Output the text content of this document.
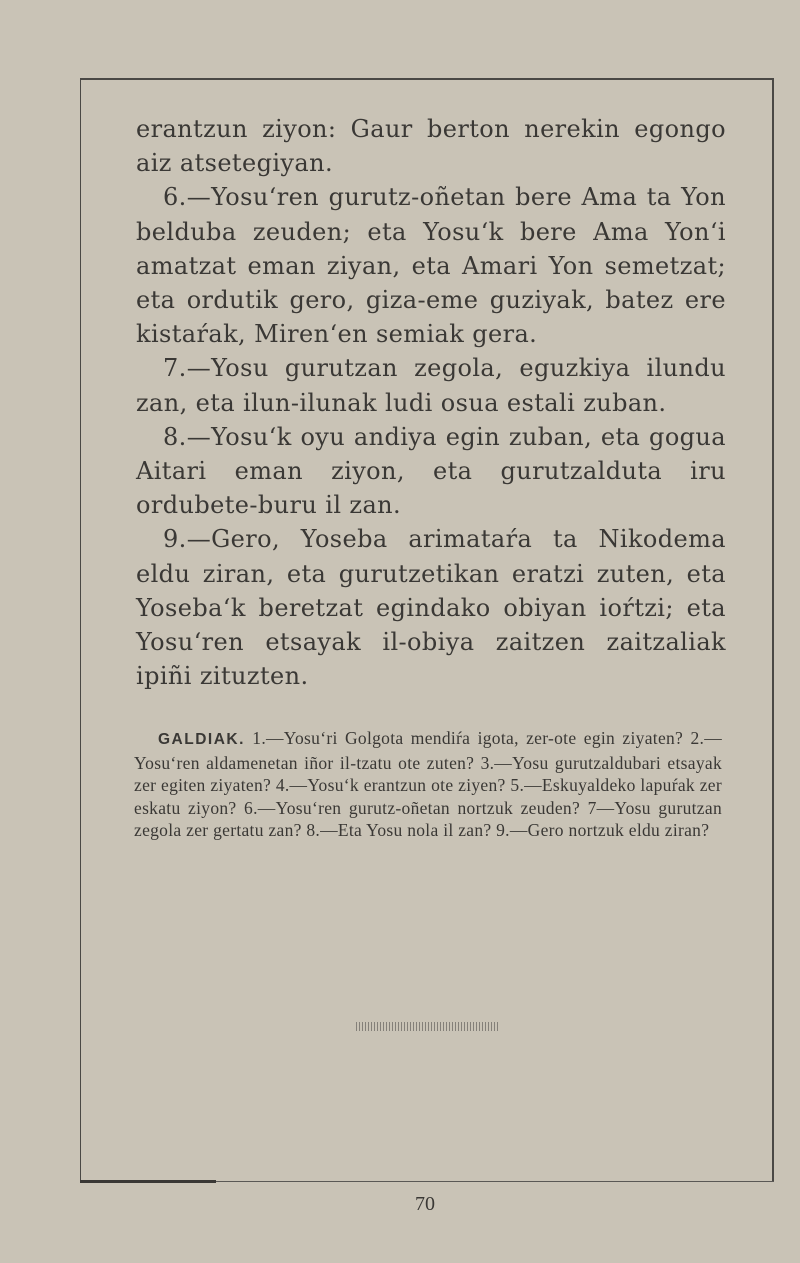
erantzun ziyon: Gaur berton nerekin egongo aiz atsetegiyan.

6.—Yosu‘ren gurutz-oñetan bere Ama ta Yon belduba zeuden; eta Yosu‘k bere Ama Yon‘i amatzat eman ziyan, eta Amari Yon semetzat; eta ordutik gero, giza-eme guziyak, batez ere kistaŕak, Miren‘en semiak gera.

7.—Yosu gurutzan zegola, eguzkiya ilundu zan, eta ilun-ilunak ludi osua estali zuban.

8.—Yosu‘k oyu andiya egin zuban, eta gogua Aitari eman ziyon, eta gurutzalduta iru ordubete-buru il zan.

9.—Gero, Yoseba arimataŕa ta Nikodema eldu ziran, eta gurutzetikan eratzi zuten, eta Yoseba‘k beretzat egindako obiyan ioŕtzi; eta Yosu‘ren etsayak il-obiya zaitzen zaitzaliak ipiñi zituzten.

GALDIAK. 1.—Yosu‘ri Golgota mendiŕa igota, zer-ote egin ziyaten? 2.—Yosu‘ren aldamenetan iñor il-tzatu ote zuten? 3.—Yosu gurutzaldubari etsayak zer egiten ziyaten? 4.—Yosu‘k erantzun ote ziyen? 5.—Eskuyaldeko lapuŕak zer eskatu ziyon? 6.—Yosu‘ren gurutz-oñetan nortzuk zeuden? 7—Yosu gurutzan zegola zer gertatu zan? 8.—Eta Yosu nola il zan? 9.—Gero nortzuk eldu ziran?
70
